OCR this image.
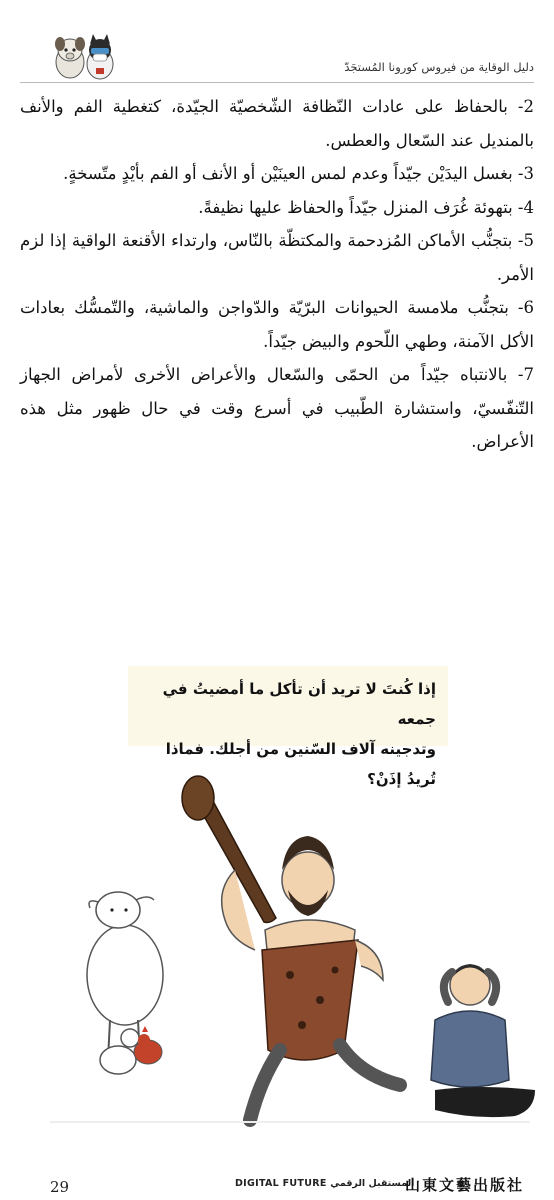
دليل الوقاية من فيروس كورونا المُستجَدّ

2- بالحفاظ على عادات النّظافة الشّخصيّة الجيّدة، كتغطية الفم والأنف بالمنديل عند السّعال والعطس.

3- بغسل اليدَيْن جيّداً وعدم لمس العينَيْن أو الأنف أو الفم بأيْدٍ متّسخةٍ.

4- بتهوئة غُرَف المنزل جيّداً والحفاظ عليها نظيفةً.

5- بتجنُّب الأماكن المُزدحمة والمكتظّة بالنّاس، وارتداء الأقنعة الواقية إذا لزم الأمر.

6- بتجنُّب ملامسة الحيوانات البرّيّة والدّواجن والماشية، والتّمسُّك بعادات الأكل الآمنة، وطهي اللّحوم والبيض جيّداً.

7- بالانتباه جيّداً من الحمّى والسّعال والأعراض الأخرى لأمراض الجهاز التّنفّسيّ، واستشارة الطّبيب في أسرع وقت في حال ظهور مثل هذه الأعراض.

إذا كُنتَ لا تريد أن تأكل ما أمضيتُ في جمعه

وتدجينه آلاف السّنين من أجلك. فماذا تُريدُ إذَنْ؟

29	DIGITAL FUTURE المستقبل الرقمي
山東文藝出版社
